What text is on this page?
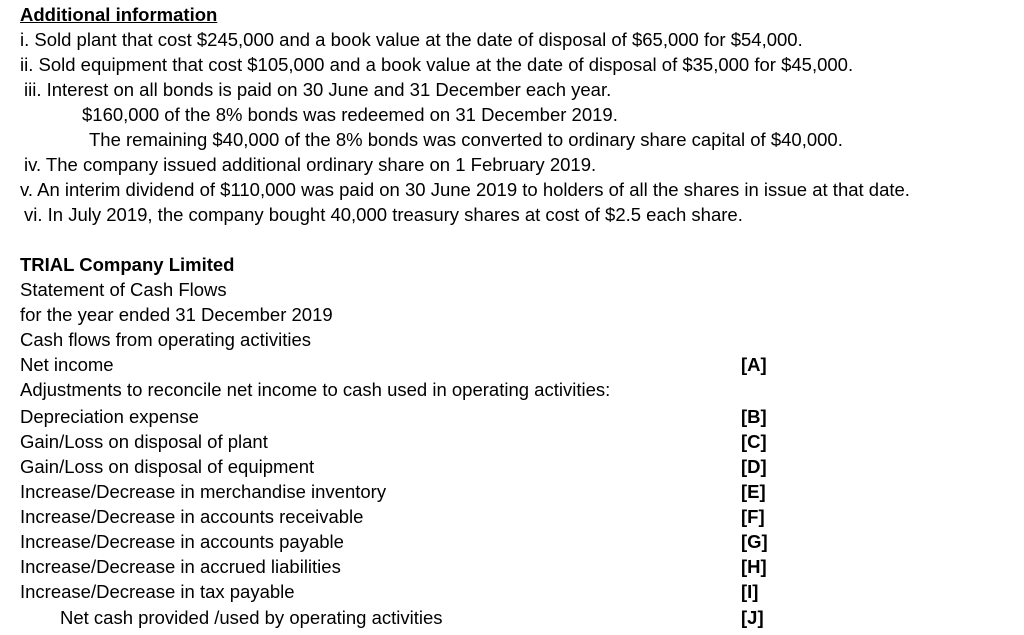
Additional information
i. Sold plant that cost $245,000 and a book value at the date of disposal of $65,000 for $54,000.
ii. Sold equipment that cost $105,000 and a book value at the date of disposal of $35,000 for $45,000.
iii. Interest on all bonds is paid on 30 June and 31 December each year.
$160,000 of the 8% bonds was redeemed on 31 December 2019.
The remaining $40,000 of the 8% bonds was converted to ordinary share capital of $40,000.
iv. The company issued additional ordinary share on 1 February 2019.
v. An interim dividend of $110,000 was paid on 30 June 2019 to holders of all the shares in issue at that date.
vi. In July 2019, the company bought 40,000 treasury shares at cost of $2.5 each share.
TRIAL Company Limited
Statement of Cash Flows
for the year ended 31 December 2019
Cash flows from operating activities
Net income	[A]
Adjustments to reconcile net income to cash used in operating activities:
Depreciation expense	[B]
Gain/Loss on disposal of plant	[C]
Gain/Loss on disposal of equipment	[D]
Increase/Decrease in merchandise inventory	[E]
Increase/Decrease in accounts receivable	[F]
Increase/Decrease in accounts payable	[G]
Increase/Decrease in accrued liabilities	[H]
Increase/Decrease in tax payable	[I]
Net cash provided /used by operating activities	[J]
